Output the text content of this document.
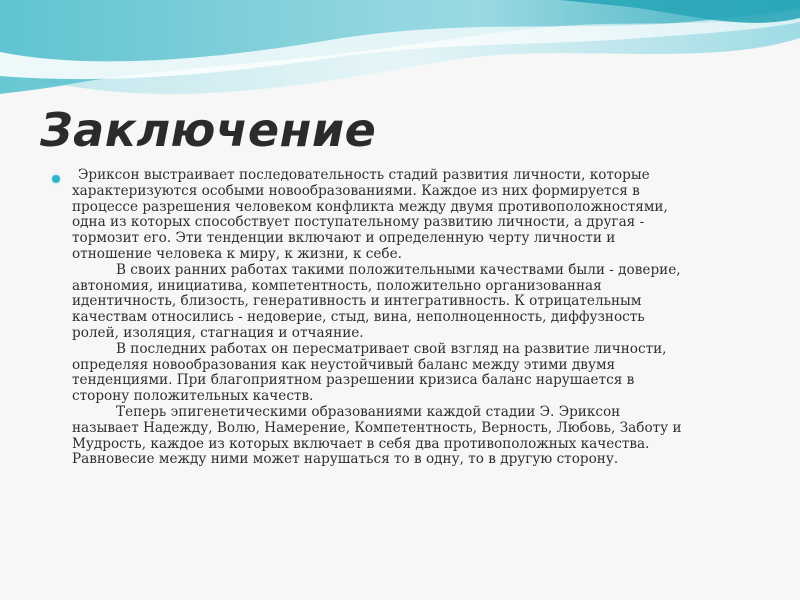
Заключение
Эриксон выстраивает последовательность стадий развития личности, которые
характеризуются особыми новообразованиями. Каждое из них формируется в
процессе разрешения человеком конфликта между двумя противоположностями,
одна из которых способствует поступательному развитию личности, а другая -
тормозит его. Эти тенденции включают и определенную черту личности и
отношение человека к миру, к жизни, к себе.
В своих ранних работах такими положительными качествами были - доверие,
автономия, инициатива, компетентность, положительно организованная
идентичность, близость, генеративность и интегративность. К отрицательным
качествам относились - недоверие, стыд, вина, неполноценность, диффузность
ролей, изоляция, стагнация и отчаяние.
В последних работах он пересматривает свой взгляд на развитие личности,
определяя новообразования как неустойчивый баланс между этими двумя
тенденциями. При благоприятном разрешении кризиса баланс нарушается в
сторону положительных качеств.
Теперь эпигенетическими образованиями каждой стадии Э. Эриксон
называет Надежду, Волю, Намерение, Компетентность, Верность, Любовь, Заботу и
Мудрость, каждое из которых включает в себя два противоположных качества.
Равновесие между ними может нарушаться то в одну, то в другую сторону.
